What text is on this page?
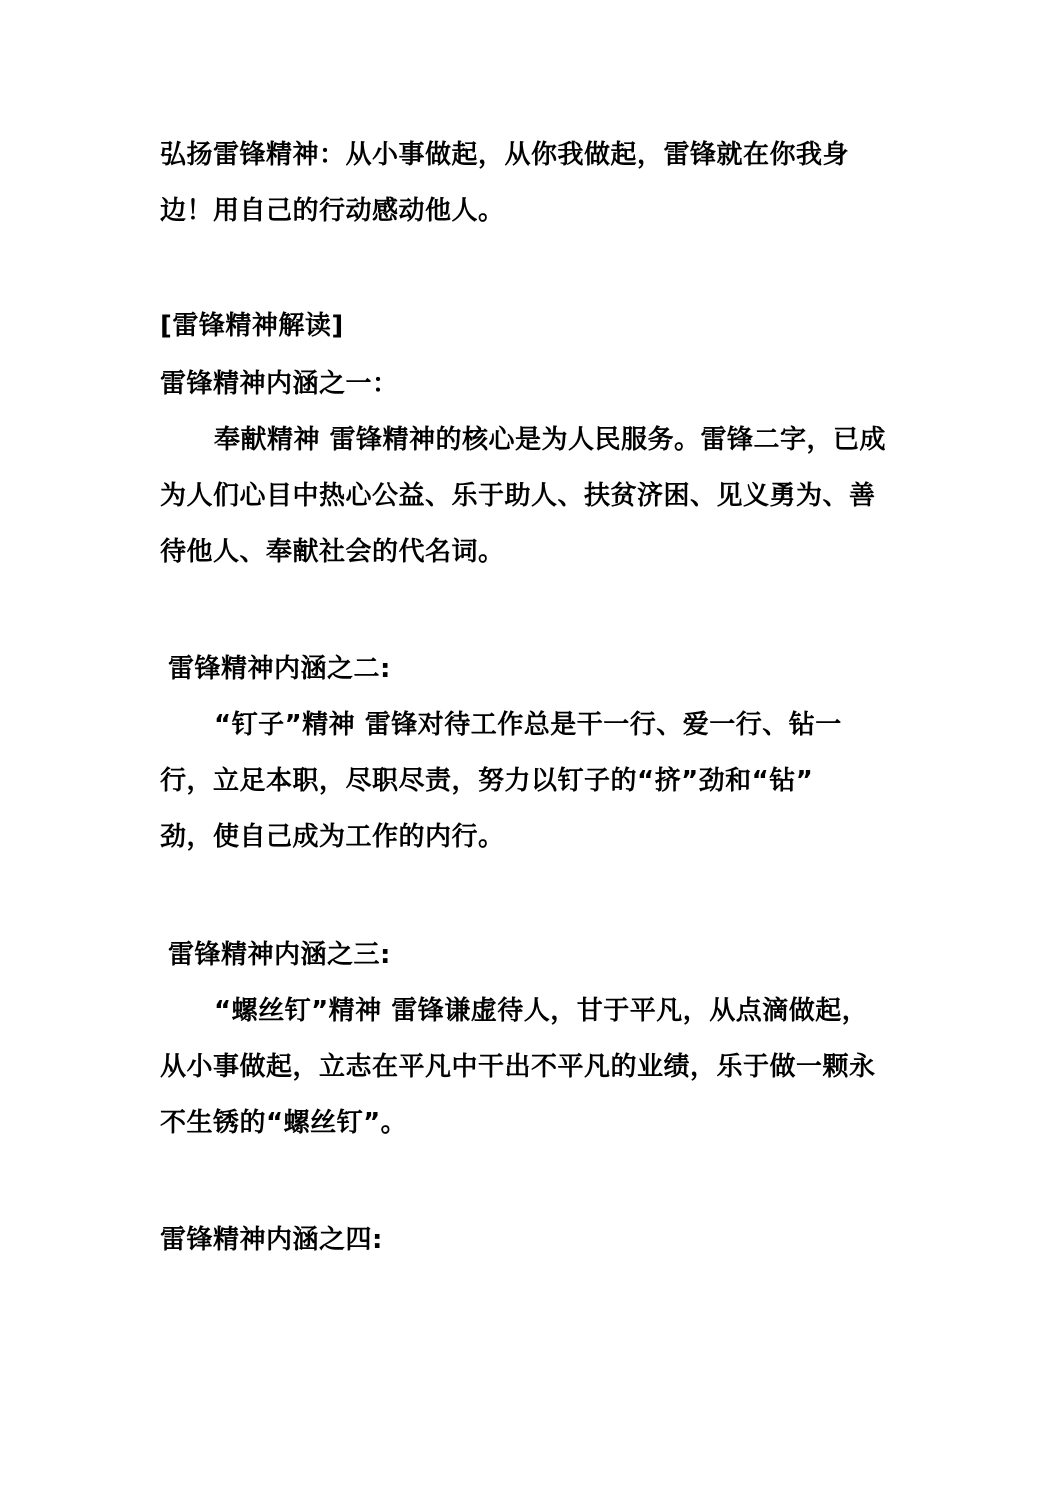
弘扬雷锋精神：从小事做起，从你我做起，雷锋就在你我身
边！用自己的行动感动他人。
[雷锋精神解读]
雷锋精神内涵之一：
奉献精神 雷锋精神的核心是为人民服务。雷锋二字，已成
为人们心目中热心公益、乐于助人、扶贫济困、见义勇为、善
待他人、奉献社会的代名词。
雷锋精神内涵之二:
“钉子”精神 雷锋对待工作总是干一行、爱一行、钻一
行，立足本职，尽职尽责，努力以钉子的“挤”劲和“钻”
劲，使自己成为工作的内行。
雷锋精神内涵之三:
“螺丝钉”精神 雷锋谦虚待人，甘于平凡，从点滴做起，
从小事做起，立志在平凡中干出不平凡的业绩，乐于做一颗永
不生锈的“螺丝钉”。
雷锋精神内涵之四:
